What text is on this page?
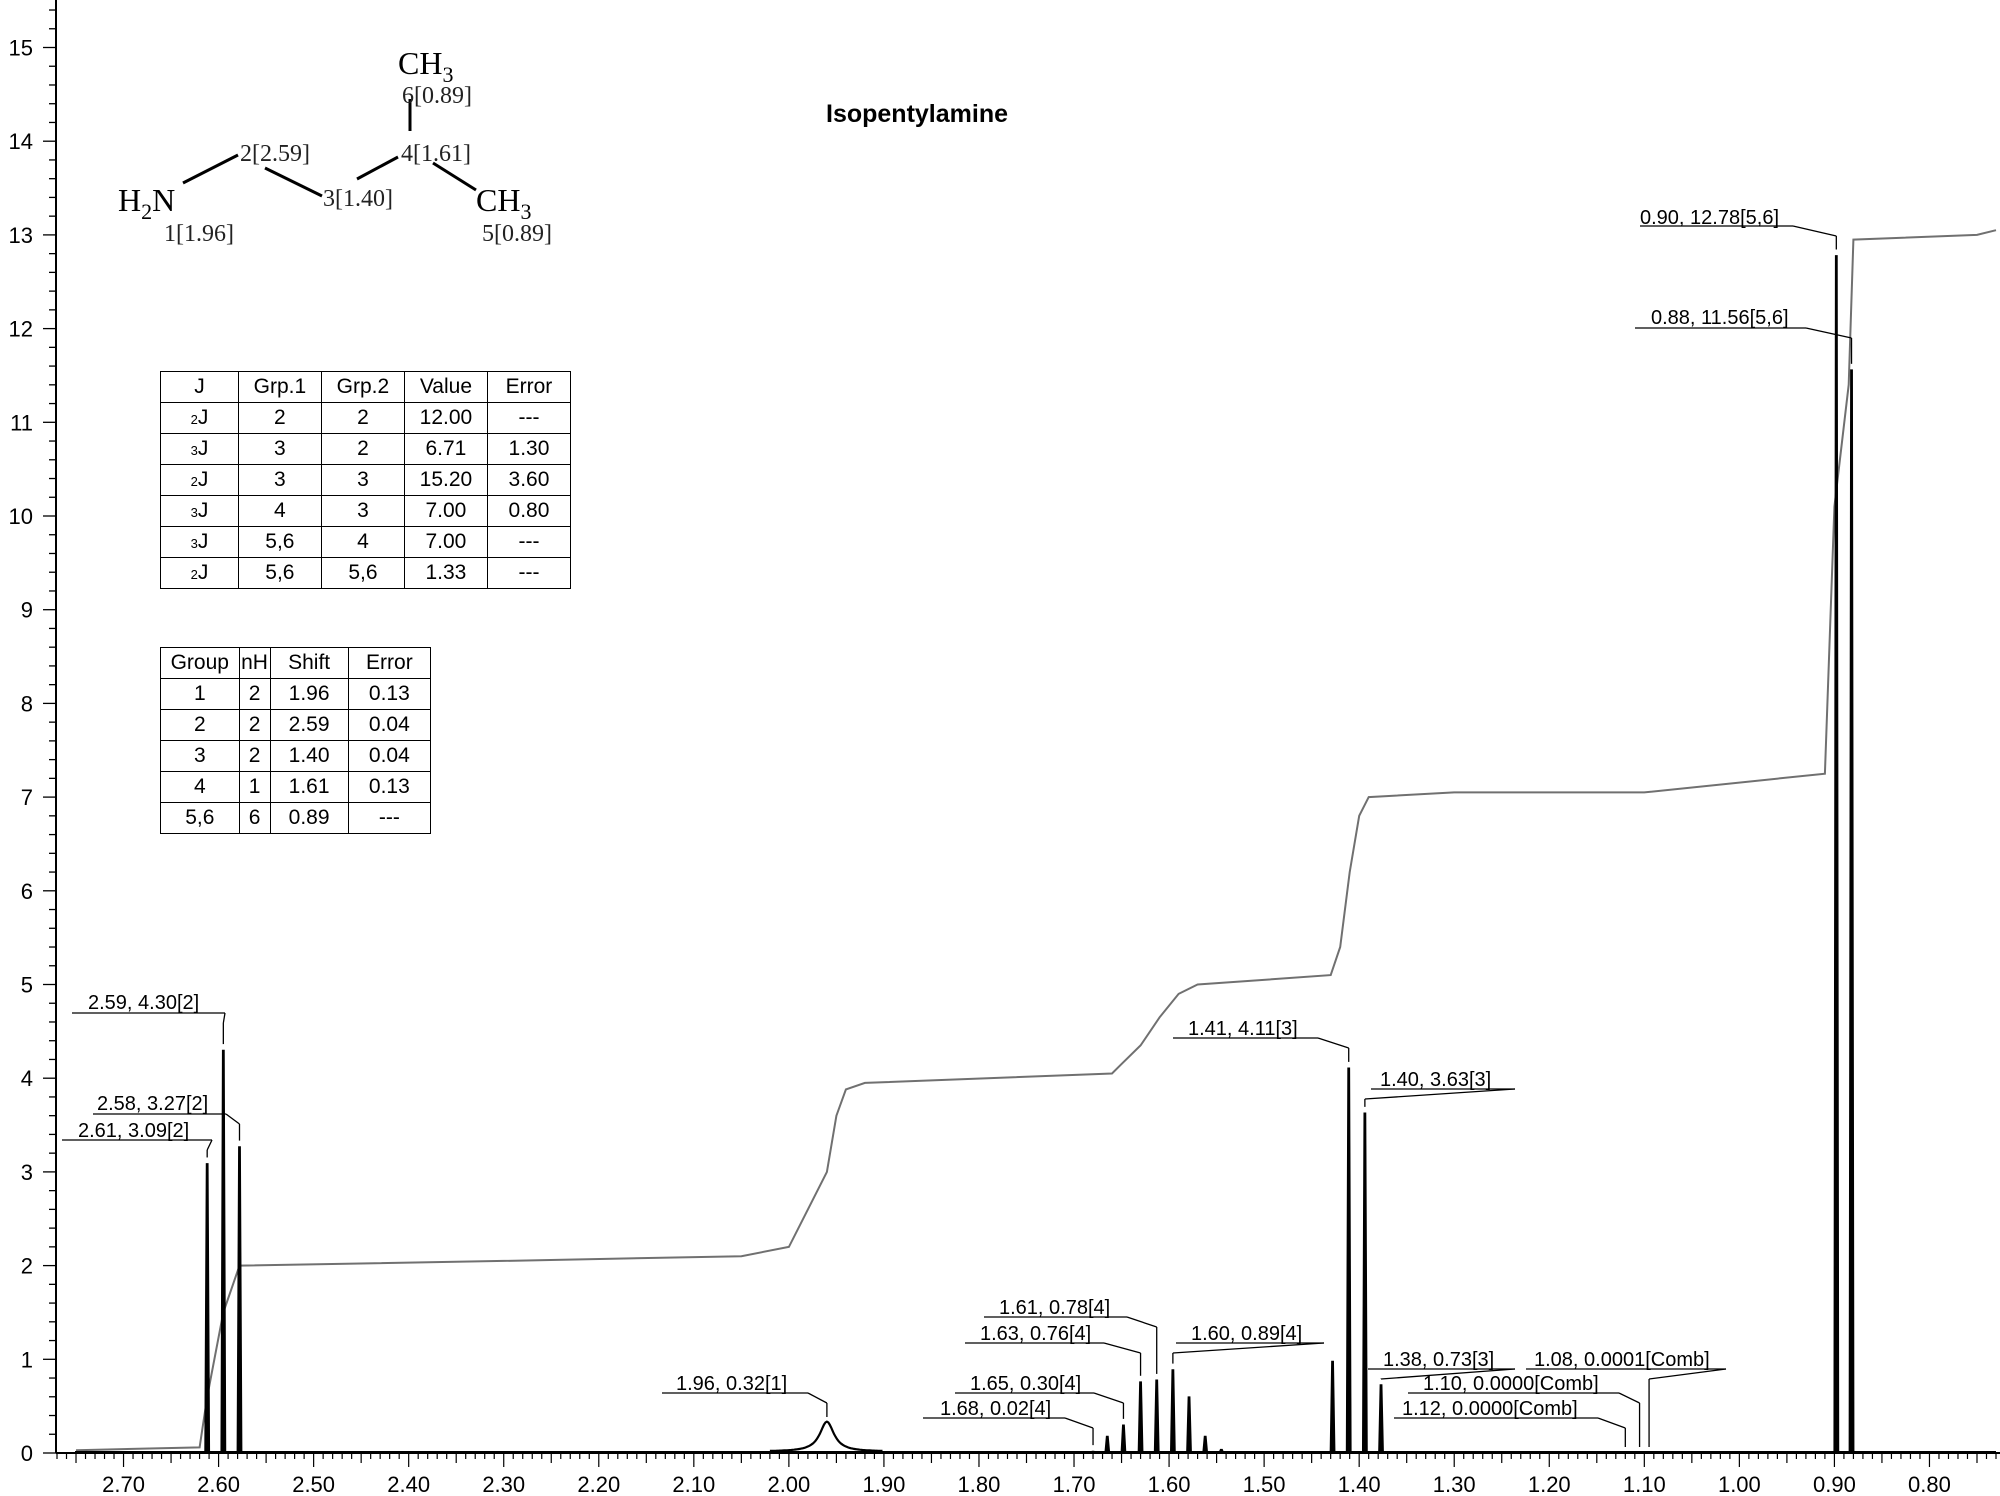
0
1
2
3
4
5
6
7
8
9
10
11
12
13
14
15
2.70 2.60 2.50 2.40 2.30 2.20 2.10 2.00 1.90 1.80 1.70 1.60 1.50 1.40 1.30 1.20 1.10 1.00 0.90 0.80
0.90, 12.78[5,6]
0.88, 11.56[5,6]
2.59, 4.30[2]
2.58, 3.27[2]
2.61, 3.09[2]
1.41, 4.11[3]
1.40, 3.63[3]
1.61, 0.78[4]
1.63, 0.76[4]	1.60, 0.89[4]
1.38, 0.73[3] 1.08, 0.0001[Comb]
1.10, 0.0000[Comb]
1.12, 0.0000[Comb]
1.96, 0.32[1]	1.65, 0.30[4]
1.68, 0.02[4]
$CH_3$
6[0.89]
2[2.59]	4[1.61]
$H_2N$	3[1.40]	$CH_3$
1[1.96]	5[0.89]
Isopentylamine
J	Grp.1	Grp.2	Value	Error
2J	2	2	12.00	---
3J	3	2	6.71	1.30
2J	3	3	15.20	3.60
3J	4	3	7.00	0.80
3J	5,6	4	7.00	---
2J	5,6	5,6	1.33	---
Group	nH	Shift	Error
1	2	1.96	0.13
2	2	2.59	0.04
3	2	1.40	0.04
4	1	1.61	0.13
5,6	6	0.89	---
